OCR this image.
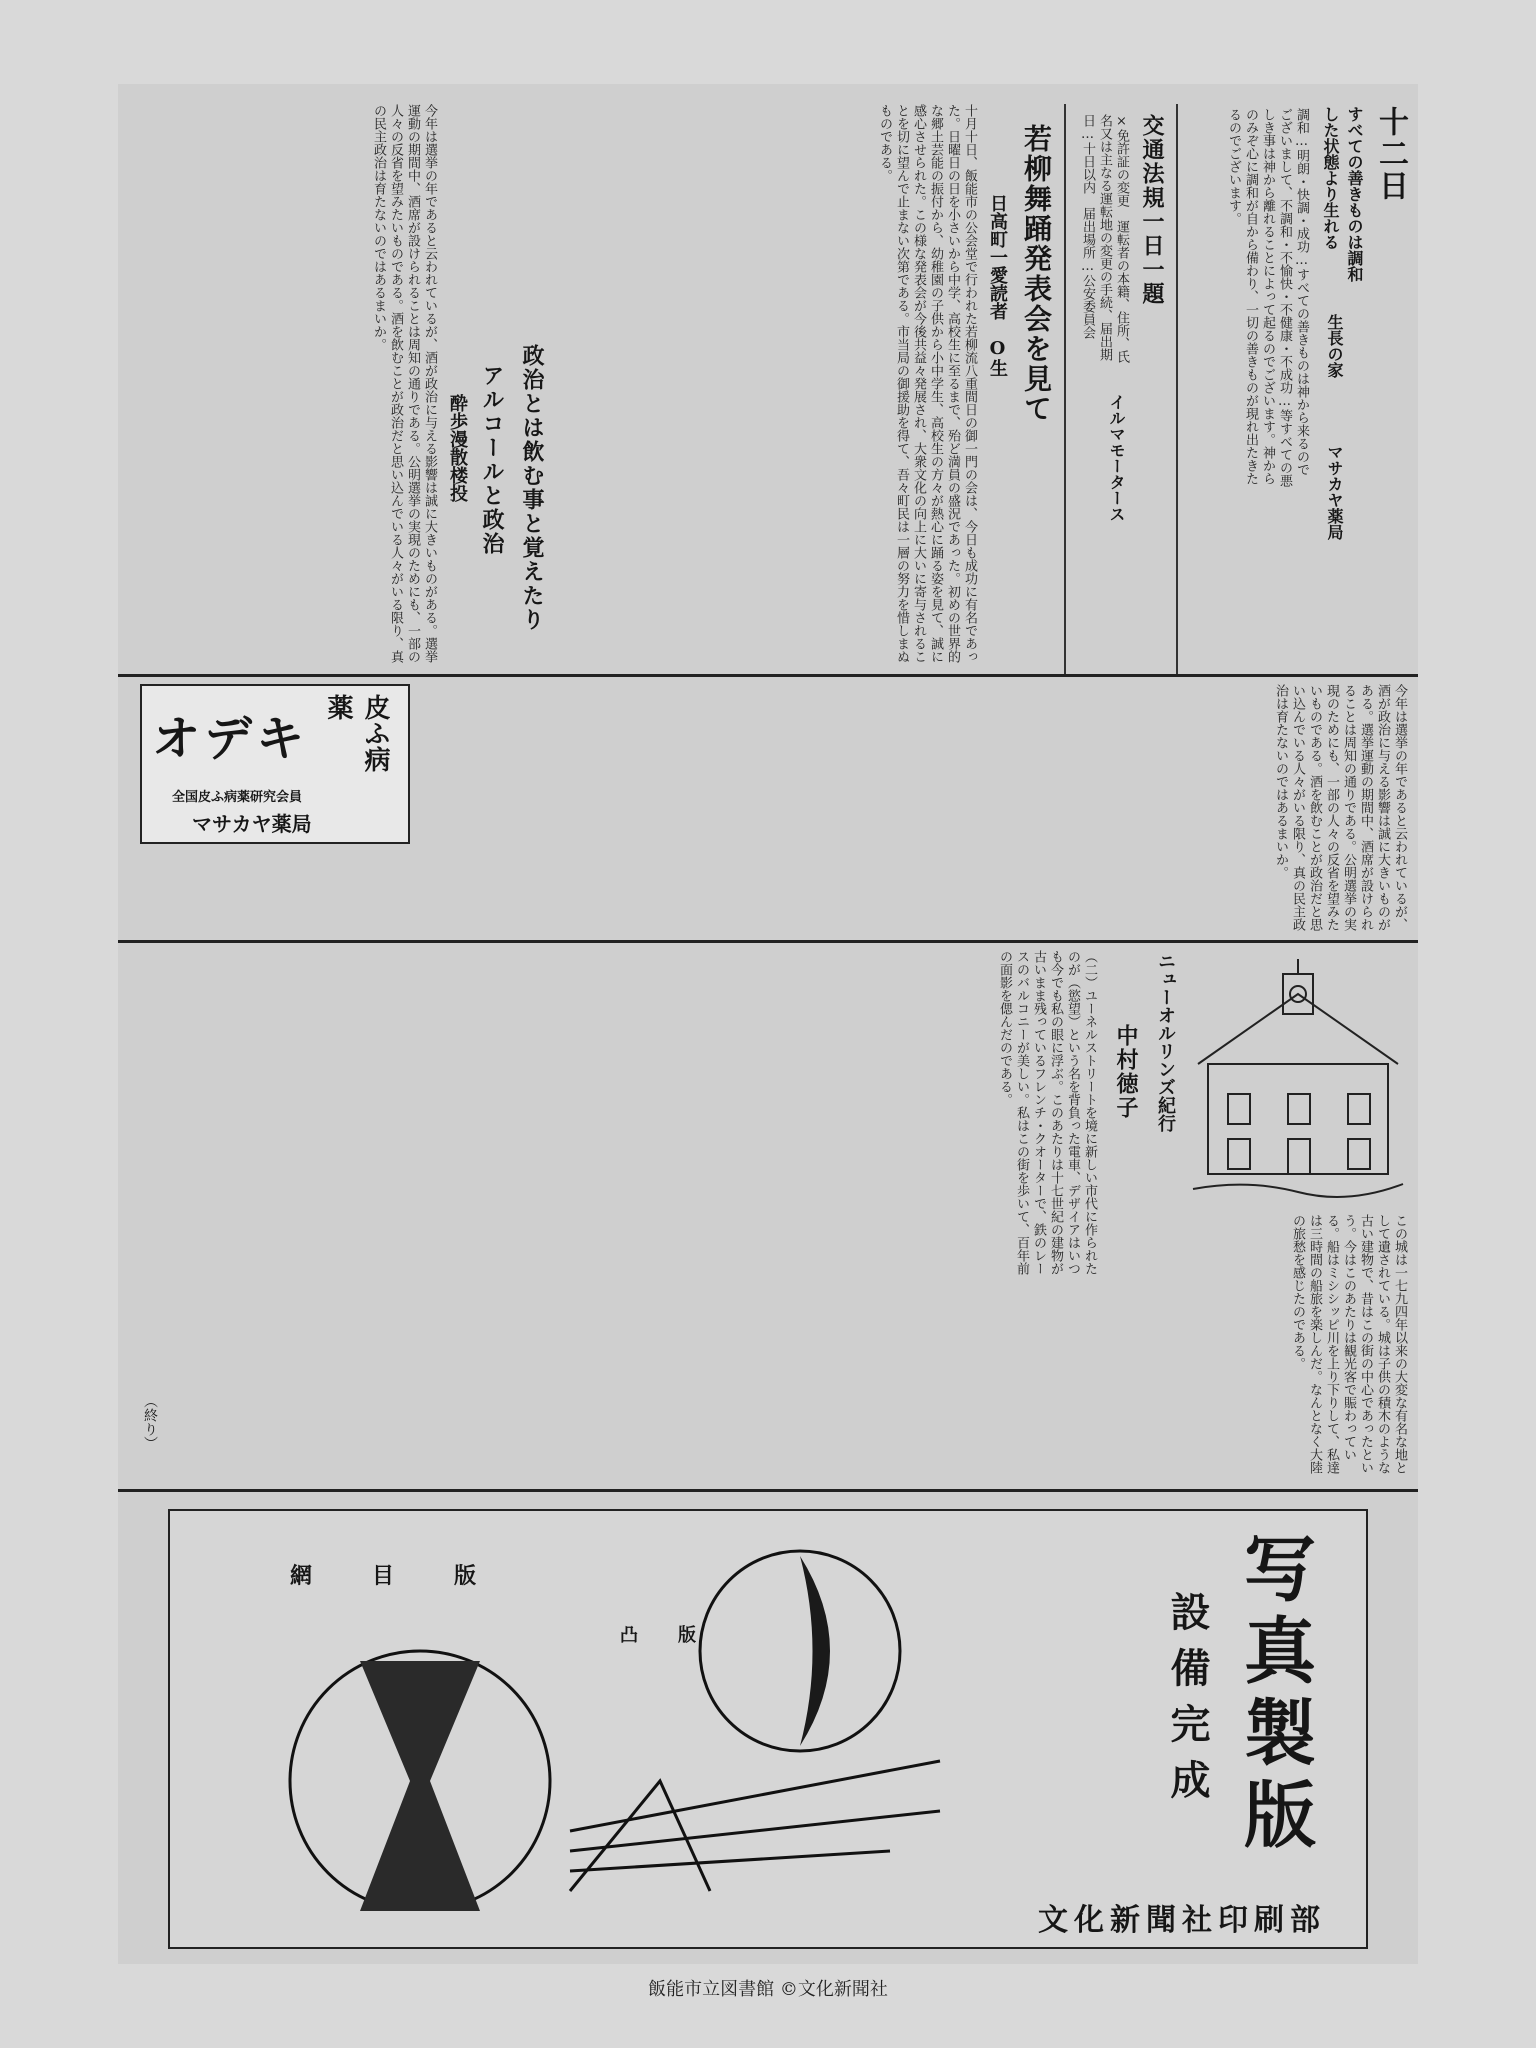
十二日
すべての善きものは調和した状態より生れる
調和…明朗・快調・成功…すべての善きものは神から来るのでございまして、不調和・不愉快・不健康・不成功…等すべての悪しき事は神から離れることによって起るのでございます。神からのみぞ心に調和が自から備わり、一切の善きものが現れ出たきたるのでございます。
生長の家
マサカヤ薬局
交通法規一日一題
×免許証の変更　運転者の本籍、住所、氏名又は主なる運転地の変更の手続、届出期日…十日以内　届出場所…公安委員会
イルマモータース
若柳舞踊発表会を見て
日高町一愛読者　O生
十月十日、飯能市の公会堂で行われた若柳流八重間日の御一門の会は、今日も成功に有名であった。日曜日の日を小さいから中学、高校生に至るまで、殆ど満員の盛況であった。初めの世界的な郷土芸能の振付から、幼稚園の子供から小中学生、高校生の方々が熱心に踊る姿を見て、誠に感心させられた。この様な発表会が今後共益々発展され、大衆文化の向上に大いに寄与されることを切に望んで止まない次第である。市当局の御援助を得て、吾々町民は一層の努力を惜しまぬものである。
政治とは飲む事と覚えたり
アルコールと政治
酔歩漫散楼投
今年は選挙の年であると云われているが、酒が政治に与える影響は誠に大きいものがある。選挙運動の期間中、酒席が設けられることは周知の通りである。公明選挙の実現のためにも、一部の人々の反省を望みたいものである。酒を飲むことが政治だと思い込んでいる人々がいる限り、真の民主政治は育たないのではあるまいか。
今年は選挙の年であると云われているが、酒が政治に与える影響は誠に大きいものがある。選挙運動の期間中、酒席が設けられることは周知の通りである。公明選挙の実現のためにも、一部の人々の反省を望みたいものである。酒を飲むことが政治だと思い込んでいる人々がいる限り、真の民主政治は育たないのではあるまいか。
オデキ	皮ふ病薬
全国皮ふ病薬研究会員
マサカヤ薬局
ニューオルリンズ紀行
中村徳子
（二）ユーネルストリートを境に新しい市代に作られたのが（慾望）という名を背負った電車、デザイアはいつも今でも私の眼に浮ぶ。このあたりは十七世紀の建物が古いまま残っているフレンチ・クオーターで、鉄のレースのバルコニーが美しい。私はこの街を歩いて、百年前の面影を偲んだのである。
この城は一七九四年以来の大変な有名な地として遺されている。城は子供の積木のような古い建物で、昔はこの街の中心であったという。今はこのあたりは観光客で賑わっている。船はミシシッピ川を上り下りして、私達は三時間の船旅を楽しんだ。なんとなく大陸の旅愁を感じたのである。
（終り）
写真製版
設備完成
文化新聞社印刷部
網目版
凸版
飯能市立図書館 ©文化新聞社
